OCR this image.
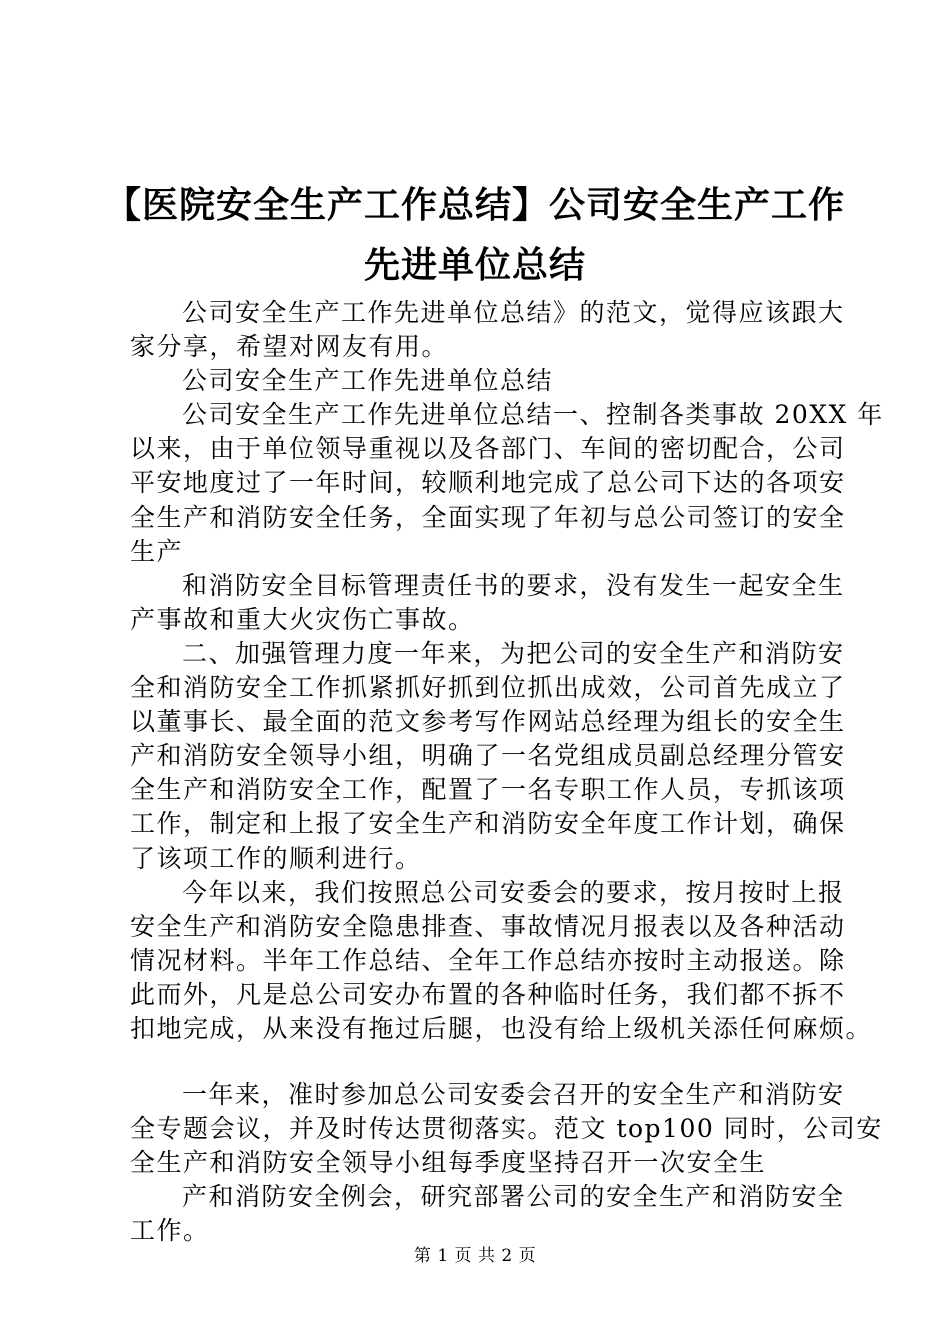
【医院安全生产工作总结】公司安全生产工作
先进单位总结
公司安全生产工作先进单位总结》的范文，觉得应该跟大
家分享，希望对网友有用。
公司安全生产工作先进单位总结
公司安全生产工作先进单位总结一、控制各类事故 20XX 年
以来，由于单位领导重视以及各部门、车间的密切配合，公司
平安地度过了一年时间，较顺利地完成了总公司下达的各项安
全生产和消防安全任务，全面实现了年初与总公司签订的安全
生产
和消防安全目标管理责任书的要求，没有发生一起安全生
产事故和重大火灾伤亡事故。
二、加强管理力度一年来，为把公司的安全生产和消防安
全和消防安全工作抓紧抓好抓到位抓出成效，公司首先成立了
以董事长、最全面的范文参考写作网站总经理为组长的安全生
产和消防安全领导小组，明确了一名党组成员副总经理分管安
全生产和消防安全工作，配置了一名专职工作人员，专抓该项
工作，制定和上报了安全生产和消防安全年度工作计划，确保
了该项工作的顺利进行。
今年以来，我们按照总公司安委会的要求，按月按时上报
安全生产和消防安全隐患排查、事故情况月报表以及各种活动
情况材料。半年工作总结、全年工作总结亦按时主动报送。除
此而外，凡是总公司安办布置的各种临时任务，我们都不拆不
扣地完成，从来没有拖过后腿，也没有给上级机关添任何麻烦。
一年来，准时参加总公司安委会召开的安全生产和消防安
全专题会议，并及时传达贯彻落实。范文 top100 同时，公司安
全生产和消防安全领导小组每季度坚持召开一次安全生
产和消防安全例会，研究部署公司的安全生产和消防安全
工作。
第 1 页 共 2 页
